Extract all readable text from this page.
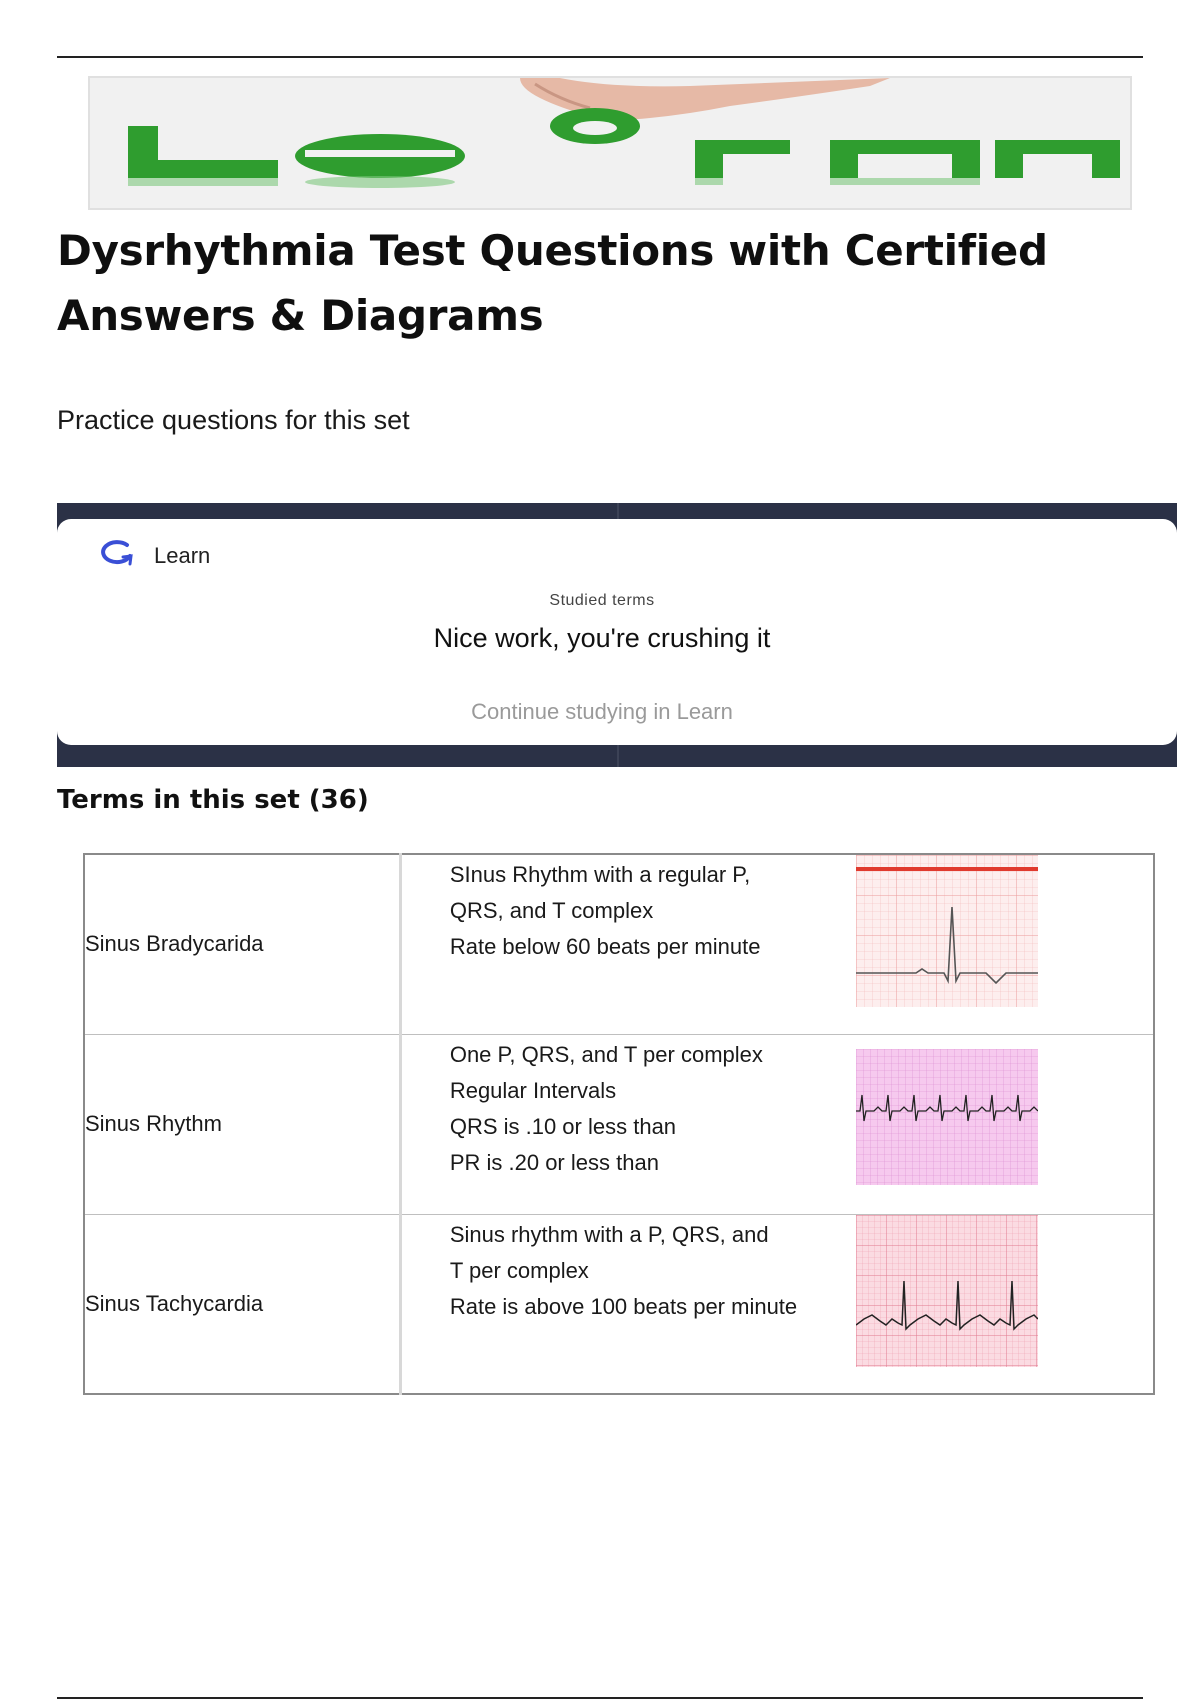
Dysrhythmia Test Questions with Certified Answers & Diagrams

Practice questions for this set

Learn
Studied terms
Nice work, you're crushing it
Continue studying in Learn
Terms in this set (36)
Sinus Bradycarida	SInus Rhythm with a regular P,
QRS, and T complex
Rate below 60 beats per minute

Sinus Rhythm	One P, QRS, and T per complex
Regular Intervals
QRS is .10 or less than
PR is .20 or less than

Sinus Tachycardia	Sinus rhythm with a P, QRS, and
T per complex
Rate is above 100 beats per minute
